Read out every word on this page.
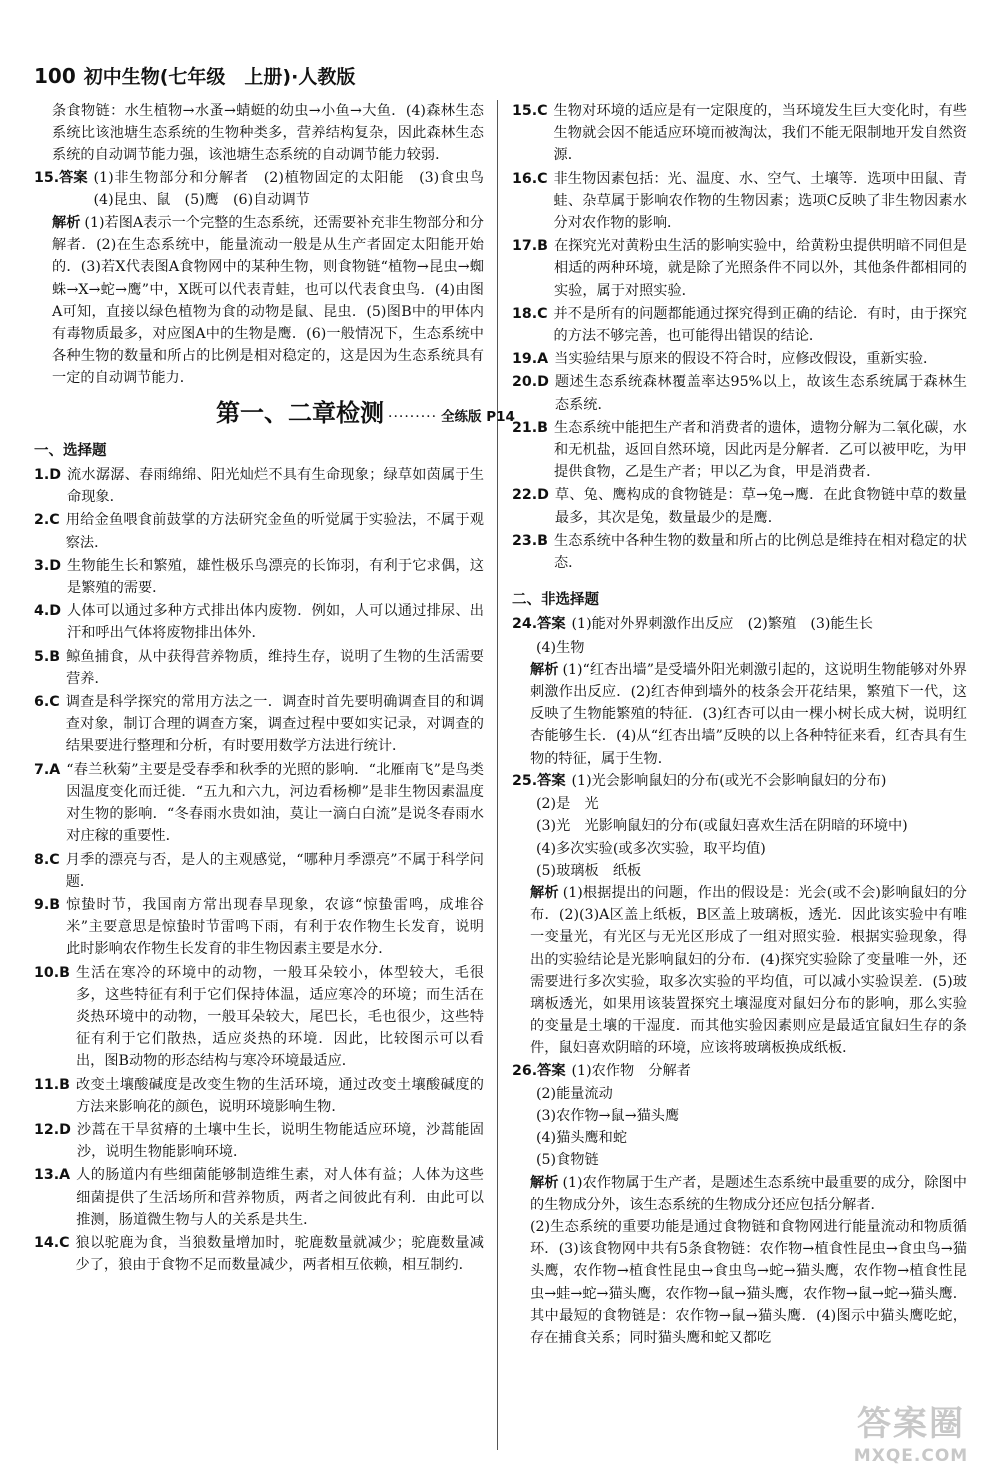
100 初中生物(七年级　上册)·人教版
条食物链：水生植物→水蚤→蜻蜓的幼虫→小鱼→大鱼．(4)森林生态系统比该池塘生态系统的生物种类多，营养结构复杂，因此森林生态系统的自动调节能力强，该池塘生态系统的自动调节能力较弱．
15.答案 (1)非生物部分和分解者　(2)植物固定的太阳能　(3)食虫鸟　(4)昆虫、鼠　(5)鹰　(6)自动调节
解析 (1)若图A表示一个完整的生态系统，还需要补充非生物部分和分解者．(2)在生态系统中，能量流动一般是从生产者固定太阳能开始的．(3)若X代表图A食物网中的某种生物，则食物链“植物→昆虫→蜘蛛→X→蛇→鹰”中，X既可以代表青蛙，也可以代表食虫鸟．(4)由图A可知，直接以绿色植物为食的动物是鼠、昆虫．(5)图B中的甲体内有毒物质最多，对应图A中的生物是鹰．(6)一般情况下，生态系统中各种生物的数量和所占的比例是相对稳定的，这是因为生态系统具有一定的自动调节能力．
第一、二章检测 ········· 全练版 P14
一、选择题
1.D 流水潺潺、春雨绵绵、阳光灿烂不具有生命现象；绿草如茵属于生命现象．
2.C 用给金鱼喂食前鼓掌的方法研究金鱼的听觉属于实验法，不属于观察法．
3.D 生物能生长和繁殖，雄性极乐鸟漂亮的长饰羽，有利于它求偶，这是繁殖的需要．
4.D 人体可以通过多种方式排出体内废物．例如，人可以通过排尿、出汗和呼出气体将废物排出体外．
5.B 鲸鱼捕食，从中获得营养物质，维持生存，说明了生物的生活需要营养．
6.C 调查是科学探究的常用方法之一．调查时首先要明确调查目的和调查对象，制订合理的调查方案，调查过程中要如实记录，对调查的结果要进行整理和分析，有时要用数学方法进行统计．
7.A “春兰秋菊”主要是受春季和秋季的光照的影响．“北雁南飞”是鸟类因温度变化而迁徙．“五九和六九，河边看杨柳”是非生物因素温度对生物的影响．“冬春雨水贵如油，莫让一滴白白流”是说冬春雨水对庄稼的重要性．
8.C 月季的漂亮与否，是人的主观感觉，“哪种月季漂亮”不属于科学问题．
9.B 惊蛰时节，我国南方常出现春旱现象，农谚“惊蛰雷鸣，成堆谷米”主要意思是惊蛰时节雷鸣下雨，有利于农作物生长发育，说明此时影响农作物生长发育的非生物因素主要是水分．
10.B 生活在寒冷的环境中的动物，一般耳朵较小，体型较大，毛很多，这些特征有利于它们保持体温，适应寒冷的环境；而生活在炎热环境中的动物，一般耳朵较大，尾巴长，毛也很少，这些特征有利于它们散热，适应炎热的环境．因此，比较图示可以看出，图B动物的形态结构与寒冷环境最适应．
11.B 改变土壤酸碱度是改变生物的生活环境，通过改变土壤酸碱度的方法来影响花的颜色，说明环境影响生物．
12.D 沙蒿在干旱贫瘠的土壤中生长，说明生物能适应环境，沙蒿能固沙，说明生物能影响环境．
13.A 人的肠道内有些细菌能够制造维生素，对人体有益；人体为这些细菌提供了生活场所和营养物质，两者之间彼此有利．由此可以推测，肠道微生物与人的关系是共生．
14.C 狼以驼鹿为食，当狼数量增加时，驼鹿数量就减少；驼鹿数量减少了，狼由于食物不足而数量减少，两者相互依赖，相互制约．
15.C 生物对环境的适应是有一定限度的，当环境发生巨大变化时，有些生物就会因不能适应环境而被淘汰，我们不能无限制地开发自然资源．
16.C 非生物因素包括：光、温度、水、空气、土壤等．选项中田鼠、青蛙、杂草属于影响农作物的生物因素；选项C反映了非生物因素水分对农作物的影响．
17.B 在探究光对黄粉虫生活的影响实验中，给黄粉虫提供明暗不同但是相适的两种环境，就是除了光照条件不同以外，其他条件都相同的实验，属于对照实验．
18.C 并不是所有的问题都能通过探究得到正确的结论．有时，由于探究的方法不够完善，也可能得出错误的结论．
19.A 当实验结果与原来的假设不符合时，应修改假设，重新实验．
20.D 题述生态系统森林覆盖率达95%以上，故该生态系统属于森林生态系统．
21.B 生态系统中能把生产者和消费者的遗体，遗物分解为二氧化碳，水和无机盐，返回自然环境，因此丙是分解者．乙可以被甲吃，为甲提供食物，乙是生产者；甲以乙为食，甲是消费者．
22.D 草、兔、鹰构成的食物链是：草→兔→鹰．在此食物链中草的数量最多，其次是兔，数量最少的是鹰．
23.B 生态系统中各种生物的数量和所占的比例总是维持在相对稳定的状态．
二、非选择题
24.答案 (1)能对外界刺激作出反应　(2)繁殖　(3)能生长
(4)生物
解析 (1)“红杏出墙”是受墙外阳光刺激引起的，这说明生物能够对外界刺激作出反应．(2)红杏伸到墙外的枝条会开花结果，繁殖下一代，这反映了生物能繁殖的特征．(3)红杏可以由一棵小树长成大树，说明红杏能够生长．(4)从“红杏出墙”反映的以上各种特征来看，红杏具有生物的特征，属于生物．
25.答案 (1)光会影响鼠妇的分布(或光不会影响鼠妇的分布)
(2)是　光
(3)光　光影响鼠妇的分布(或鼠妇喜欢生活在阴暗的环境中)
(4)多次实验(或多次实验，取平均值)
(5)玻璃板　纸板
解析 (1)根据提出的问题，作出的假设是：光会(或不会)影响鼠妇的分布．(2)(3)A区盖上纸板，B区盖上玻璃板，透光．因此该实验中有唯一变量光，有光区与无光区形成了一组对照实验．根据实验现象，得出的实验结论是光影响鼠妇的分布．(4)探究实验除了变量唯一外，还需要进行多次实验，取多次实验的平均值，可以减小实验误差．(5)玻璃板透光，如果用该装置探究土壤湿度对鼠妇分布的影响，那么实验的变量是土壤的干湿度．而其他实验因素则应是最适宜鼠妇生存的条件，鼠妇喜欢阴暗的环境，应该将玻璃板换成纸板．
26.答案 (1)农作物　分解者
(2)能量流动
(3)农作物→鼠→猫头鹰
(4)猫头鹰和蛇
(5)食物链
解析 (1)农作物属于生产者，是题述生态系统中最重要的成分，除图中的生物成分外，该生态系统的生物成分还应包括分解者．
(2)生态系统的重要功能是通过食物链和食物网进行能量流动和物质循环．(3)该食物网中共有5条食物链：农作物→植食性昆虫→食虫鸟→猫头鹰，农作物→植食性昆虫→食虫鸟→蛇→猫头鹰，农作物→植食性昆虫→蛙→蛇→猫头鹰，农作物→鼠→猫头鹰，农作物→鼠→蛇→猫头鹰．其中最短的食物链是：农作物→鼠→猫头鹰．(4)图示中猫头鹰吃蛇，存在捕食关系；同时猫头鹰和蛇又都吃
答案圈
MXQE.COM
